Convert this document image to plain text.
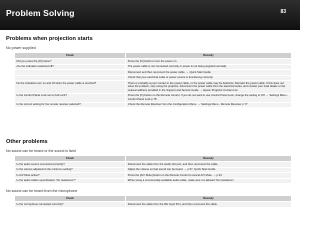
Problem Solving	83
Problems when projection starts
No power supplied
Check	Remedy
Did you press the [O] button?	Press the [O] button to turn the power on.
Are the indicators switched off?	The power cable is not connected correctly or power is not being supplied normally.
	Disconnect and then reconnect the power cable. → Quick Start Guide
	Check that your electrical outlet or power source is functioning correctly.
Do the indicators turn on and off when the power cable is touched?	There is probably a poor contact in the power cable, or the power cable may be defective. Reinsert the power cable. If this does not solve the problem, stop using the projector, disconnect the power cable from the electrical outlet, and contact your local dealer or the nearest address provided in the Support and Service Guide. → Epson Projector Contact List
Is the Control Panel Lock set to Full Lock?	Press the [O] button on the Remote Control. If you do not want to use Control Panel Lock, change the setting to Off. → Settings Menu - Control Panel Lock p.78
Is the correct setting for the remote receiver selected?	Check the Remote Receiver from the Configuration Menu. → Settings Menu - Remote Receiver p.77
Other problems
No sound can be heard or the sound is faint
Check	Remedy
Is the audio source connected correctly?	Disconnect the cable from the Audio Out port, and then reconnect the cable.
Is the volume adjusted to the minimum setting?	Adjust the volume so that sound can be heard. → p.57, Quick Start Guide
Is A/V Mute active?	Press the [A/V Mute] button on the Remote Control to cancel A/V Mute. → p.34
Is the audio cable's specification "No resistance"?	When using a commercially available audio cable, make sure it is labeled "No resistance".
No sound can be heard from the microphone
Check	Remedy
Is the microphone connected correctly?	Disconnect the cable from the Mic Input Port, and then reconnect the cable.
